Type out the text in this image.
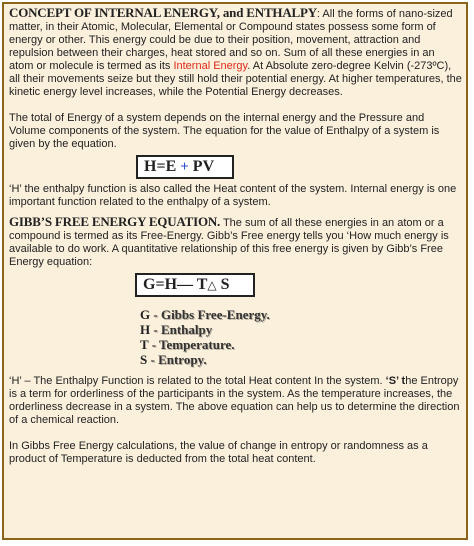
CONCEPT OF INTERNAL ENERGY, and ENTHALPY: All the forms of nano-sized matter, in their Atomic, Molecular, Elemental or Compound states possess some form of energy or other. This energy could be due to their position, movement, attraction and repulsion between their charges, heat stored and so on. Sum of all these energies in an atom or molecule is termed as its Internal Energy. At Absolute zero-degree Kelvin (-273ºC), all their movements seize but they still hold their potential energy. At higher temperatures, the kinetic energy level increases, while the Potential Energy decreases.

The total of Energy of a system depends on the internal energy and the Pressure and Volume components of the system. The equation for the value of Enthalpy of a system is given by the equation.

H=E + PV

‘H’ the enthalpy function is also called the Heat content of the system. Internal energy is one important function related to the enthalpy of a system.

GIBB’S FREE ENERGY EQUATION. The sum of all these energies in an atom or a compound is termed as its Free-Energy. Gibb’s Free energy tells you ‘How much energy is available to do work. A quantitative relationship of this free energy is given by Gibb’s Free Energy equation:

G=H— T△ S
G - Gibbs Free-Energy.
H - Enthalpy
T - Temperature.
S - Entropy.

‘H’ – The Enthalpy Function is related to the total Heat content In the system. ‘S’ the Entropy is a term for orderliness of the participants in the system. As the temperature increases, the orderliness decrease in a system. The above equation can help us to determine the direction of a chemical reaction.

In Gibbs Free Energy calculations, the value of change in entropy or randomness as a product of Temperature is deducted from the total heat content.
